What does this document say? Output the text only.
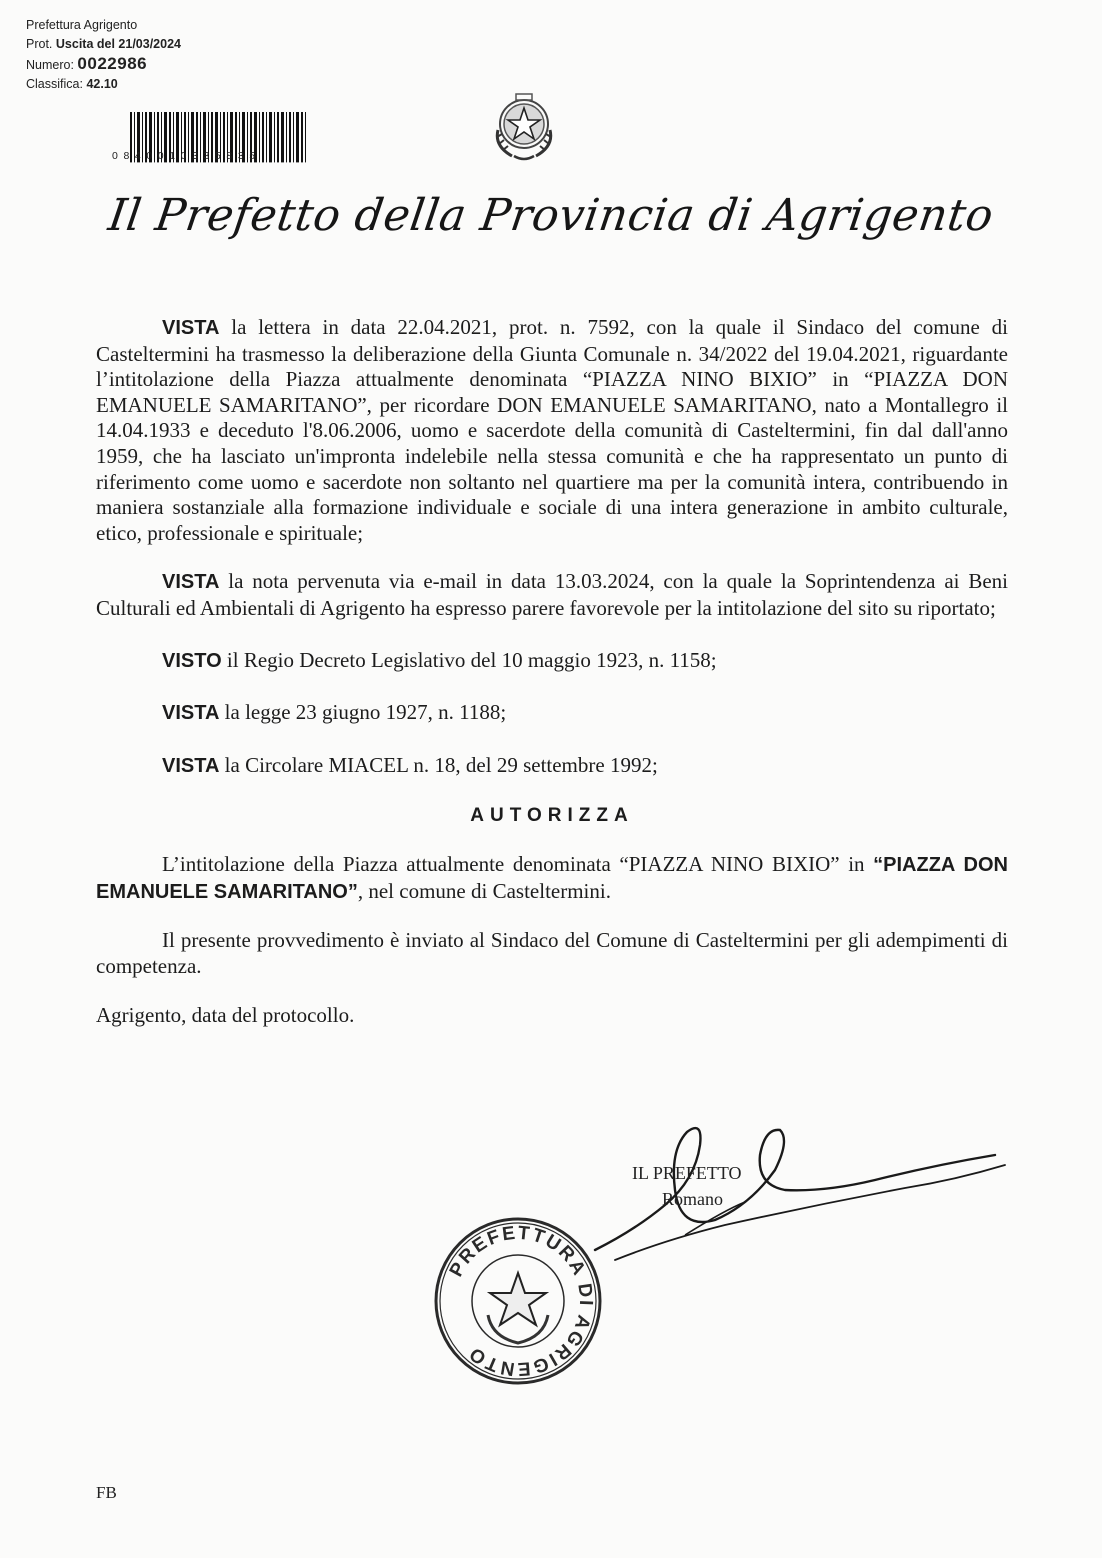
Prefettura Agrigento
Prot. Uscita del 21/03/2024
Numero: 0022986
Classifica: 42.10
0840010335835
Il Prefetto della Provincia di Agrigento

VISTA la lettera in data 22.04.2021, prot. n. 7592, con la quale il Sindaco del comune di Casteltermini ha trasmesso la deliberazione della Giunta Comunale n. 34/2022 del 19.04.2021, riguardante l’intitolazione della Piazza attualmente denominata “PIAZZA NINO BIXIO” in “PIAZZA DON EMANUELE SAMARITANO”, per ricordare DON EMANUELE SAMARITANO, nato a Montallegro il 14.04.1933 e deceduto l'8.06.2006, uomo e sacerdote della comunità di Casteltermini, fin dal dall'anno 1959, che ha lasciato un'impronta indelebile nella stessa comunità e che ha rappresentato un punto di riferimento come uomo e sacerdote non soltanto nel quartiere ma per la comunità intera, contribuendo in maniera sostanziale alla formazione individuale e sociale di una intera generazione in ambito culturale, etico, professionale e spirituale;

VISTA la nota pervenuta via e-mail in data 13.03.2024, con la quale la Soprintendenza ai Beni Culturali ed Ambientali di Agrigento ha espresso parere favorevole per la intitolazione del sito su riportato;

VISTO il Regio Decreto Legislativo del 10 maggio 1923, n. 1158;

VISTA la legge 23 giugno 1927, n. 1188;

VISTA la Circolare MIACEL n. 18, del 29 settembre 1992;

AUTORIZZA

L’intitolazione della Piazza attualmente denominata “PIAZZA NINO BIXIO” in “PIAZZA DON EMANUELE SAMARITANO”, nel comune di Casteltermini.

Il presente provvedimento è inviato al Sindaco del Comune di Casteltermini per gli adempimenti di competenza.

Agrigento, data del protocollo.

IL PREFETTO
Romano
PREFETTURA DI AGRIGENTO
FB
